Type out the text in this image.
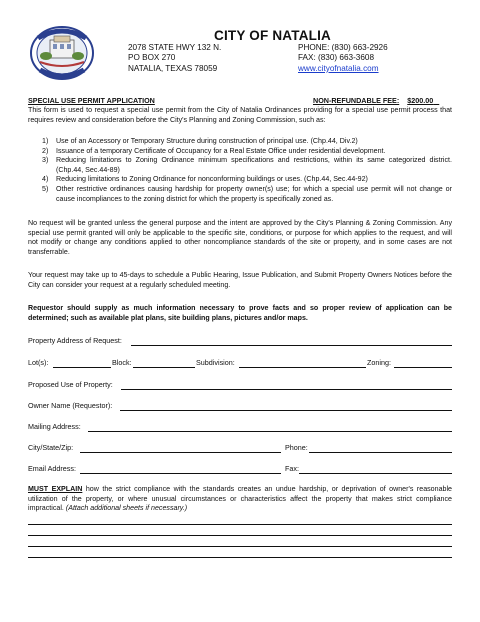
CITY OF NATALIA
2078 STATE HWY 132 N.
PO BOX 270
NATALIA, TEXAS 78059
PHONE: (830) 663-2926
FAX: (830) 663-3608
www.cityofnatalia.com
SPECIAL USE PERMIT APPLICATION	NON-REFUNDABLE FEE: $200.00
This form is used to request a special use permit from the City of Natalia Ordinances providing for a special use permit process that requires review and consideration before the City's Planning and Zoning Commission, such as:
1) Use of an Accessory or Temporary Structure during construction of principal use. (Chp.44, Div.2)
2) Issuance of a temporary Certificate of Occupancy for a Real Estate Office under residential development.
3) Reducing limitations to Zoning Ordinance minimum specifications and restrictions, within its same categorized district. (Chp.44, Sec.44-89)
4) Reducing limitations to Zoning Ordinance for nonconforming buildings or uses. (Chp.44, Sec.44-92)
5) Other restrictive ordinances causing hardship for property owner(s) use; for which a special use permit will not change or cause incompliances to the zoning district for which the property is specifically zoned as.
No request will be granted unless the general purpose and the intent are approved by the City's Planning & Zoning Commission. Any special use permit granted will only be applicable to the specific site, conditions, or purpose for which applies to the request, and will not modify or change any conditions applied to other noncompliance standards of the site or property, and in some cases are not transferrable.
Your request may take up to 45-days to schedule a Public Hearing, Issue Publication, and Submit Property Owners Notices before the City can consider your request at a regularly scheduled meeting.
Requestor should supply as much information necessary to prove facts and so proper review of application can be determined; such as available plat plans, site building plans, pictures and/or maps.
Property Address of Request:
Lot(s):	Block:	Subdivision:	Zoning:
Proposed Use of Property:
Owner Name (Requestor):
Mailing Address:
City/State/Zip:	Phone:
Email Address:	Fax:
MUST EXPLAIN how the strict compliance with the standards creates an undue hardship, or deprivation of owner's reasonable utilization of the property, or where unusual circumstances or characteristics affect the property that makes strict compliance impractical. (Attach additional sheets if necessary.)
